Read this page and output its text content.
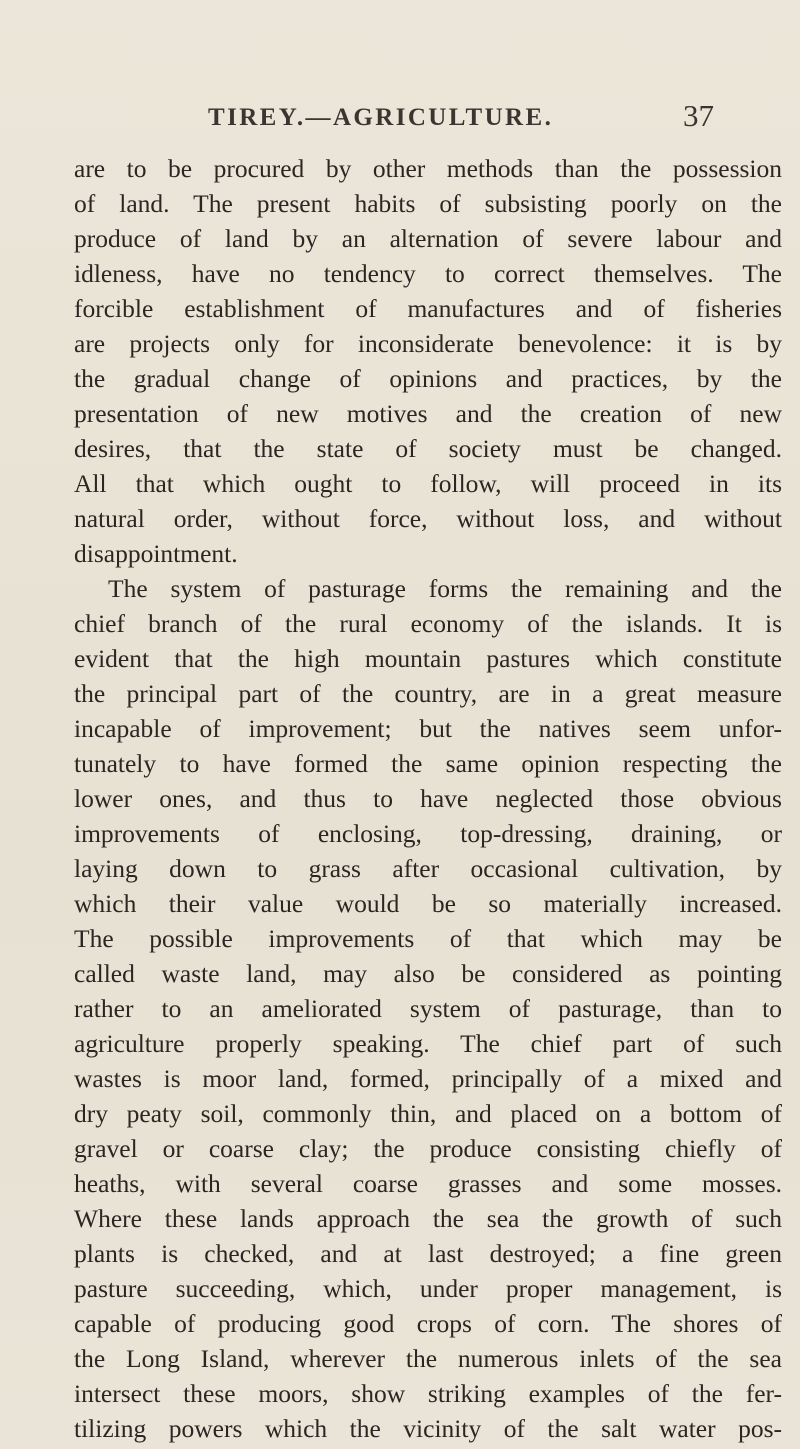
TIREY.—AGRICULTURE.	37
are to be procured by other methods than the possession
of land. The present habits of subsisting poorly on the
produce of land by an alternation of severe labour and
idleness, have no tendency to correct themselves. The
forcible establishment of manufactures and of fisheries
are projects only for inconsiderate benevolence: it is by
the gradual change of opinions and practices, by the
presentation of new motives and the creation of new
desires, that the state of society must be changed.
All that which ought to follow, will proceed in its
natural order, without force, without loss, and without
disappointment.
The system of pasturage forms the remaining and the
chief branch of the rural economy of the islands. It is
evident that the high mountain pastures which constitute
the principal part of the country, are in a great measure
incapable of improvement; but the natives seem unfor-
tunately to have formed the same opinion respecting the
lower ones, and thus to have neglected those obvious
improvements of enclosing, top-dressing, draining, or
laying down to grass after occasional cultivation, by
which their value would be so materially increased.
The possible improvements of that which may be
called waste land, may also be considered as pointing
rather to an ameliorated system of pasturage, than to
agriculture properly speaking. The chief part of such
wastes is moor land, formed, principally of a mixed and
dry peaty soil, commonly thin, and placed on a bottom of
gravel or coarse clay; the produce consisting chiefly of
heaths, with several coarse grasses and some mosses.
Where these lands approach the sea the growth of such
plants is checked, and at last destroyed; a fine green
pasture succeeding, which, under proper management, is
capable of producing good crops of corn. The shores of
the Long Island, wherever the numerous inlets of the sea
intersect these moors, show striking examples of the fer-
tilizing powers which the vicinity of the salt water pos-
